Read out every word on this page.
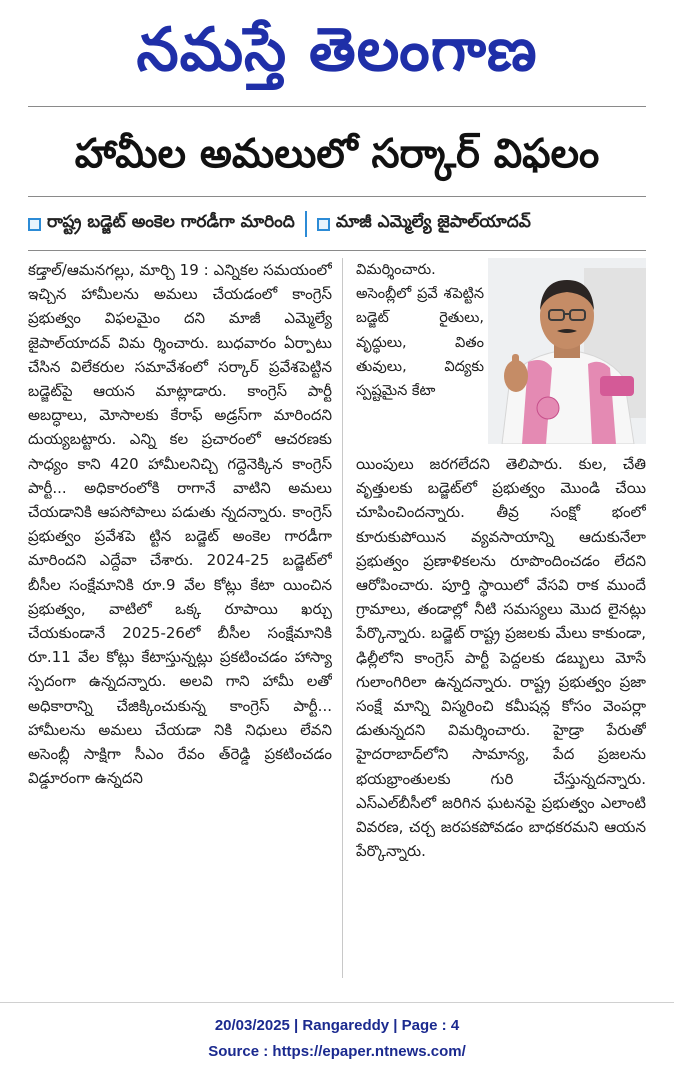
నమస్తే తెలంగాణ
హామీల అమలులో సర్కార్ విఫలం
రాష్ట్ర బడ్జెట్ అంకెల గారడీగా మారింది మాజీ ఎమ్మెల్యే జైపాల్‌యాదవ్
కడ్తాల్/ఆమనగల్లు, మార్చి 19 : ఎన్నికల సమయంలో ఇచ్చిన హామీలను అమలు చేయడంలో కాంగ్రెస్ ప్రభుత్వం విఫలమైం దని మాజీ ఎమ్మెల్యే జైపాల్‌యాదవ్ విమ ర్శించారు. బుధవారం ఏర్పాటు చేసిన విలేకరుల సమావేశంలో సర్కార్ ప్రవేశపెట్టిన బడ్జెట్‌పై ఆయన మాట్లాడారు. కాంగ్రెస్ పార్టీ అబద్ధాలు, మోసాలకు కేరాఫ్ అడ్రస్‌గా మారిందని దుయ్యబట్టారు. ఎన్ని కల ప్రచారంలో ఆచరణకు సాధ్యం కాని 420 హామీలనిచ్చి గద్దెనెక్కిన కాంగ్రెస్ పార్టీ... అధికారంలోకి రాగానే వాటిని అమలు చేయడానికి ఆపసోపాలు పడుతు న్నదన్నారు. కాంగ్రెస్ ప్రభుత్వం ప్రవేశపె ట్టిన బడ్జెట్ అంకెల గారడీగా మారిందని ఎద్దేవా చేశారు. 2024-25 బడ్జెట్‌లో బీసీల సంక్షేమానికి రూ.9 వేల కోట్లు కేటా యించిన ప్రభుత్వం, వాటిలో ఒక్క రూపాయి ఖర్చు చేయకుండానే 2025-26లో బీసీల సంక్షేమానికి రూ.11 వేల కోట్లు కేటాస్తున్నట్లు ప్రకటించడం హాస్యా స్పదంగా ఉన్నదన్నారు. అలవి గాని హామీ లతో అధికారాన్ని చేజిక్కించుకున్న కాంగ్రెస్ పార్టీ... హామీలను అమలు చేయడా నికి నిధులు లేవని అసెంబ్లీ సాక్షిగా సీఎం రేవం త్‌రెడ్డి ప్రకటించడం విడ్డూరంగా ఉన్నదని
విమర్శించారు. అసెంబ్లీలో ప్రవే శపెట్టిన బడ్జెట్ రైతులు, వృద్ధులు, వితం తువులు, విద్యకు స్పష్టమైన కేటా
యింపులు జరగలేదని తెలిపారు. కుల, చేతి వృత్తులకు బడ్జెట్‌లో ప్రభుత్వం మొండి చేయి చూపించిందన్నారు. తీవ్ర సంక్షో భంలో కూరుకుపోయిన వ్యవసాయాన్ని ఆదుకునేలా ప్రభుత్వం ప్రణాళికలను రూపొందించడం లేదని ఆరోపించారు. పూర్తి స్థాయిలో వేసవి రాక ముందే గ్రామాలు, తండాల్లో నీటి సమస్యలు మొద లైనట్లు పేర్కొన్నారు. బడ్జెట్ రాష్ట్ర ప్రజలకు మేలు కాకుండా, ఢిల్లీలోని కాంగ్రెస్ పార్టీ పెద్దలకు డబ్బులు మోసే గులాంగిరిలా ఉన్నదన్నారు. రాష్ట్ర ప్రభుత్వం ప్రజా సంక్షే మాన్ని విస్మరించి కమీషన్ల కోసం వెంపర్లా డుతున్నదని విమర్శించారు. హైడ్రా పేరుతో హైదరాబాద్‌లోని సామాన్య, పేద ప్రజలను భయభ్రాంతులకు గురి చేస్తున్నదన్నారు. ఎస్ఎల్‌బీసీలో జరిగిన ఘటనపై ప్రభుత్వం ఎలాంటి వివరణ, చర్చ జరపకపోవడం బాధకరమని ఆయన పేర్కొన్నారు.
20/03/2025 | Rangareddy | Page : 4
Source : https://epaper.ntnews.com/
